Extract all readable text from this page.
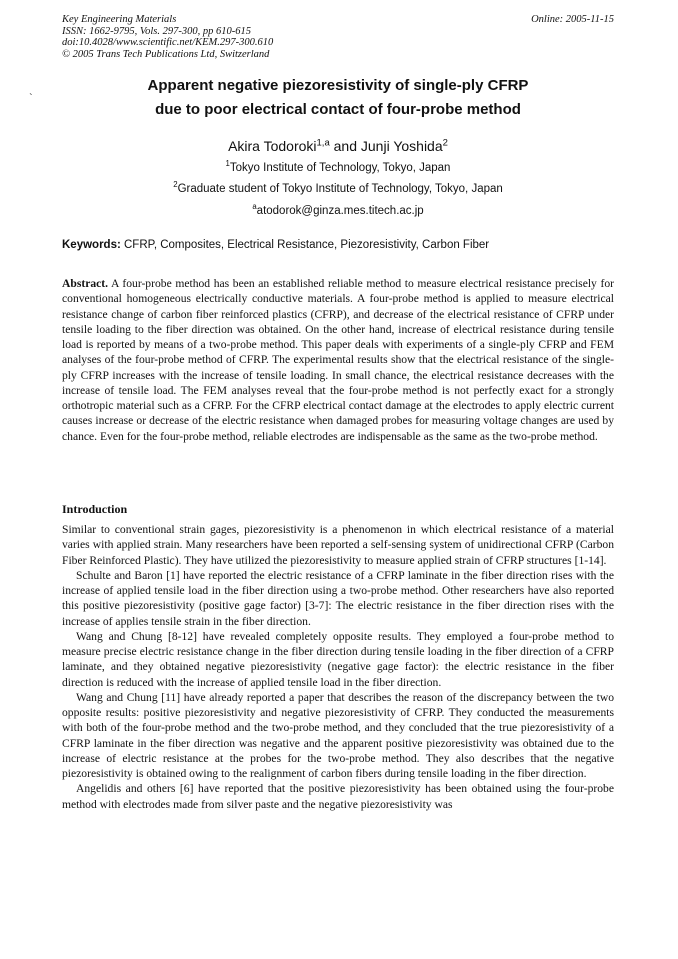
Key Engineering Materials
ISSN: 1662-9795, Vols. 297-300, pp 610-615
doi:10.4028/www.scientific.net/KEM.297-300.610
© 2005 Trans Tech Publications Ltd, Switzerland
Online: 2005-11-15
`
Apparent negative piezoresistivity of single-ply CFRP
due to poor electrical contact of four-probe method
Akira Todoroki$^{1,a}$ and Junji Yoshida$^2$
$^1$Tokyo Institute of Technology, Tokyo, Japan
$^2$Graduate student of Tokyo Institute of Technology, Tokyo, Japan
$^a$atodorok@ginza.mes.titech.ac.jp
Keywords: CFRP, Composites, Electrical Resistance, Piezoresistivity, Carbon Fiber

Abstract. A four-probe method has been an established reliable method to measure electrical resistance precisely for conventional homogeneous electrically conductive materials. A four-probe method is applied to measure electrical resistance change of carbon fiber reinforced plastics (CFRP), and decrease of the electrical resistance of CFRP under tensile loading to the fiber direction was obtained. On the other hand, increase of electrical resistance during tensile load is reported by means of a two-probe method. This paper deals with experiments of a single-ply CFRP and FEM analyses of the four-probe method of CFRP. The experimental results show that the electrical resistance of the single-ply CFRP increases with the increase of tensile loading. In small chance, the electrical resistance decreases with the increase of tensile load. The FEM analyses reveal that the four-probe method is not perfectly exact for a strongly orthotropic material such as a CFRP. For the CFRP electrical contact damage at the electrodes to apply electric current causes increase or decrease of the electric resistance when damaged probes for measuring voltage changes are used by chance. Even for the four-probe method, reliable electrodes are indispensable as the same as the two-probe method.

Introduction

Similar to conventional strain gages, piezoresistivity is a phenomenon in which electrical resistance of a material varies with applied strain. Many researchers have been reported a self-sensing system of unidirectional CFRP (Carbon Fiber Reinforced Plastic). They have utilized the piezoresistivity to measure applied strain of CFRP structures [1-14].

Schulte and Baron [1] have reported the electric resistance of a CFRP laminate in the fiber direction rises with the increase of applied tensile load in the fiber direction using a two-probe method. Other researchers have also reported this positive piezoresistivity (positive gage factor) [3-7]: The electric resistance in the fiber direction rises with the increase of applies tensile strain in the fiber direction.

Wang and Chung [8-12] have revealed completely opposite results. They employed a four-probe method to measure precise electric resistance change in the fiber direction during tensile loading in the fiber direction of a CFRP laminate, and they obtained negative piezoresistivity (negative gage factor): the electric resistance in the fiber direction is reduced with the increase of applied tensile load in the fiber direction.

Wang and Chung [11] have already reported a paper that describes the reason of the discrepancy between the two opposite results: positive piezoresistivity and negative piezoresistivity of CFRP. They conducted the measurements with both of the four-probe method and the two-probe method, and they concluded that the true piezoresistivity of a CFRP laminate in the fiber direction was negative and the apparent positive piezoresistivity was obtained due to the increase of electric resistance at the probes for the two-probe method. They also describes that the negative piezoresistivity is obtained owing to the realignment of carbon fibers during tensile loading in the fiber direction.

Angelidis and others [6] have reported that the positive piezoresistivity has been obtained using the four-probe method with electrodes made from silver paste and the negative piezoresistivity was
